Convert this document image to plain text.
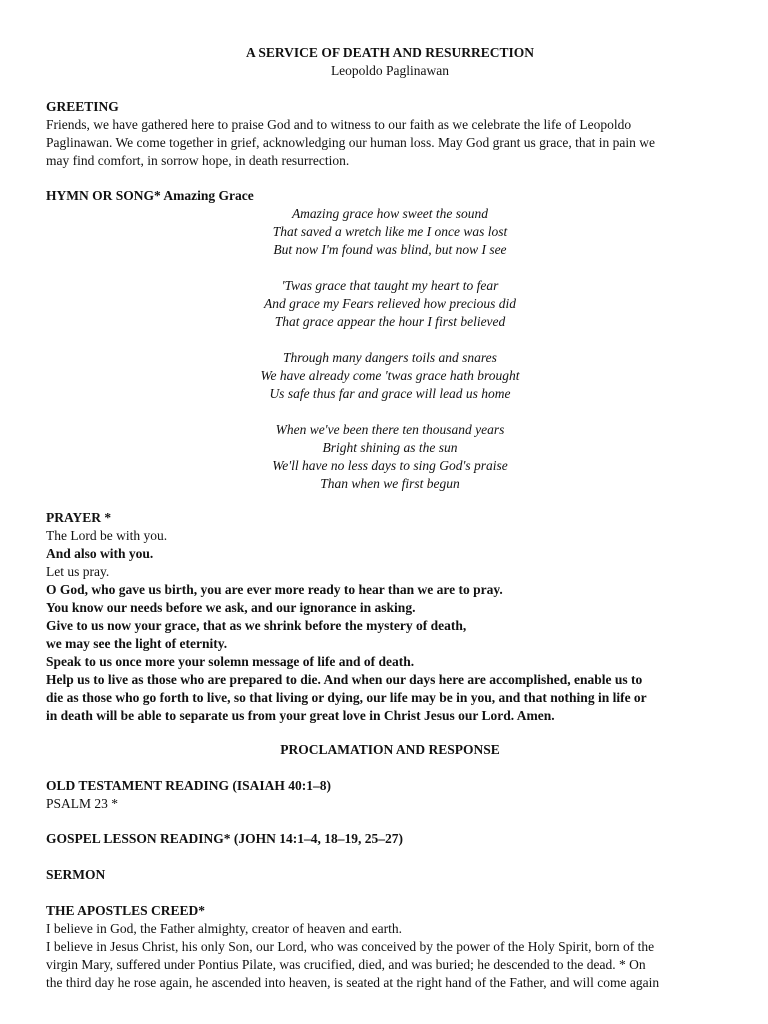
A SERVICE OF DEATH AND RESURRECTION
Leopoldo Paglinawan

GREETING

Friends, we have gathered here to praise God and to witness to our faith as we celebrate the life of Leopoldo

Paglinawan. We come together in grief, acknowledging our human loss. May God grant us grace, that in pain we

may find comfort, in sorrow hope, in death resurrection.

HYMN OR SONG* Amazing Grace

Amazing grace how sweet the sound

That saved a wretch like me I once was lost

But now I'm found was blind, but now I see

'Twas grace that taught my heart to fear

And grace my Fears relieved how precious did

That grace appear the hour I first believed

Through many dangers toils and snares

We have already come 'twas grace hath brought

Us safe thus far and grace will lead us home

When we've been there ten thousand years

Bright shining as the sun

We'll have no less days to sing God's praise

Than when we first begun

PRAYER *

The Lord be with you.

And also with you.

Let us pray.

O God, who gave us birth, you are ever more ready to hear than we are to pray.

You know our needs before we ask, and our ignorance in asking.

Give to us now your grace, that as we shrink before the mystery of death,

we may see the light of eternity.

Speak to us once more your solemn message of life and of death.

Help us to live as those who are prepared to die. And when our days here are accomplished, enable us to

die as those who go forth to live, so that living or dying, our life may be in you, and that nothing in life or

in death will be able to separate us from your great love in Christ Jesus our Lord. Amen.

PROCLAMATION AND RESPONSE

OLD TESTAMENT READING (ISAIAH 40:1–8)

PSALM 23 *

GOSPEL LESSON READING* (JOHN 14:1–4, 18–19, 25–27)
SERMON

THE APOSTLES CREED*

I believe in God, the Father almighty, creator of heaven and earth.

I believe in Jesus Christ, his only Son, our Lord, who was conceived by the power of the Holy Spirit, born of the

virgin Mary, suffered under Pontius Pilate, was crucified, died, and was buried; he descended to the dead. * On

the third day he rose again, he ascended into heaven, is seated at the right hand of the Father, and will come again
